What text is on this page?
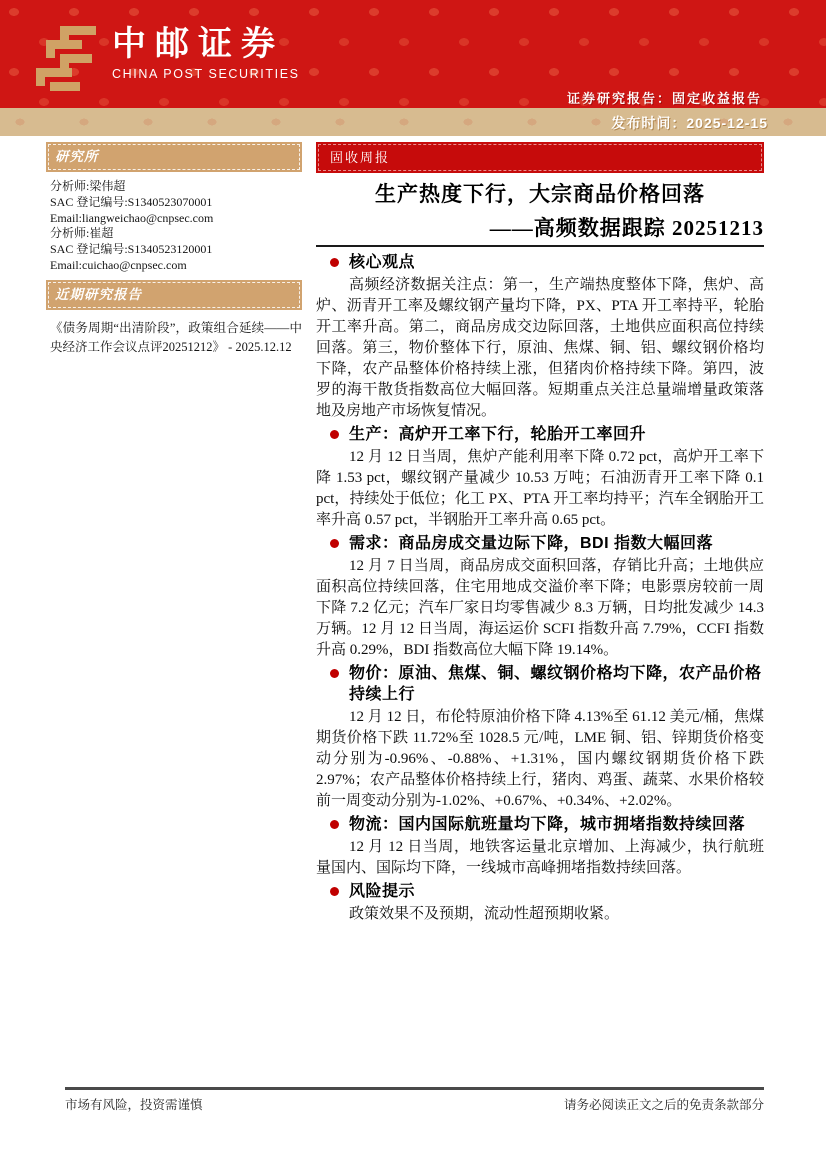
中邮证券
CHINA POST SECURITIES
证券研究报告：固定收益报告
发布时间：2025-12-15
研究所
分析师:梁伟超
SAC 登记编号:S1340523070001
Email:liangweichao@cnpsec.com
分析师:崔超
SAC 登记编号:S1340523120001
Email:cuichao@cnpsec.com
近期研究报告
《债务周期“出清阶段”，政策组合延续——中央经济工作会议点评20251212》 - 2025.12.12
固收周报
生产热度下行，大宗商品价格回落
——高频数据跟踪 20251213
核心观点

高频经济数据关注点：第一，生产端热度整体下降，焦炉、高炉、沥青开工率及螺纹钢产量均下降，PX、PTA 开工率持平，轮胎开工率升高。第二，商品房成交边际回落，土地供应面积高位持续回落。第三，物价整体下行，原油、焦煤、铜、铝、螺纹钢价格均下降，农产品整体价格持续上涨，但猪肉价格持续下降。第四，波罗的海干散货指数高位大幅回落。短期重点关注总量端增量政策落地及房地产市场恢复情况。

生产：高炉开工率下行，轮胎开工率回升

12 月 12 日当周，焦炉产能利用率下降 0.72 pct，高炉开工率下降 1.53 pct，螺纹钢产量减少 10.53 万吨；石油沥青开工率下降 0.1 pct，持续处于低位；化工 PX、PTA 开工率均持平；汽车全钢胎开工率升高 0.57 pct，半钢胎开工率升高 0.65 pct。

需求：商品房成交量边际下降，BDI 指数大幅回落

12 月 7 日当周，商品房成交面积回落，存销比升高；土地供应面积高位持续回落，住宅用地成交溢价率下降；电影票房较前一周下降 7.2 亿元；汽车厂家日均零售减少 8.3 万辆，日均批发减少 14.3 万辆。12 月 12 日当周，海运运价 SCFI 指数升高 7.79%，CCFI 指数升高 0.29%，BDI 指数高位大幅下降 19.14%。

物价：原油、焦煤、铜、螺纹钢价格均下降，农产品价格持续上行

12 月 12 日，布伦特原油价格下降 4.13%至 61.12 美元/桶，焦煤期货价格下跌 11.72%至 1028.5 元/吨，LME 铜、铝、锌期货价格变动分别为-0.96%、-0.88%、+1.31%，国内螺纹钢期货价格下跌 2.97%；农产品整体价格持续上行，猪肉、鸡蛋、蔬菜、水果价格较前一周变动分别为-1.02%、+0.67%、+0.34%、+2.02%。

物流：国内国际航班量均下降，城市拥堵指数持续回落

12 月 12 日当周，地铁客运量北京增加、上海减少，执行航班量国内、国际均下降，一线城市高峰拥堵指数持续回落。

风险提示

政策效果不及预期，流动性超预期收紧。

市场有风险，投资需谨慎	请务必阅读正文之后的免责条款部分
